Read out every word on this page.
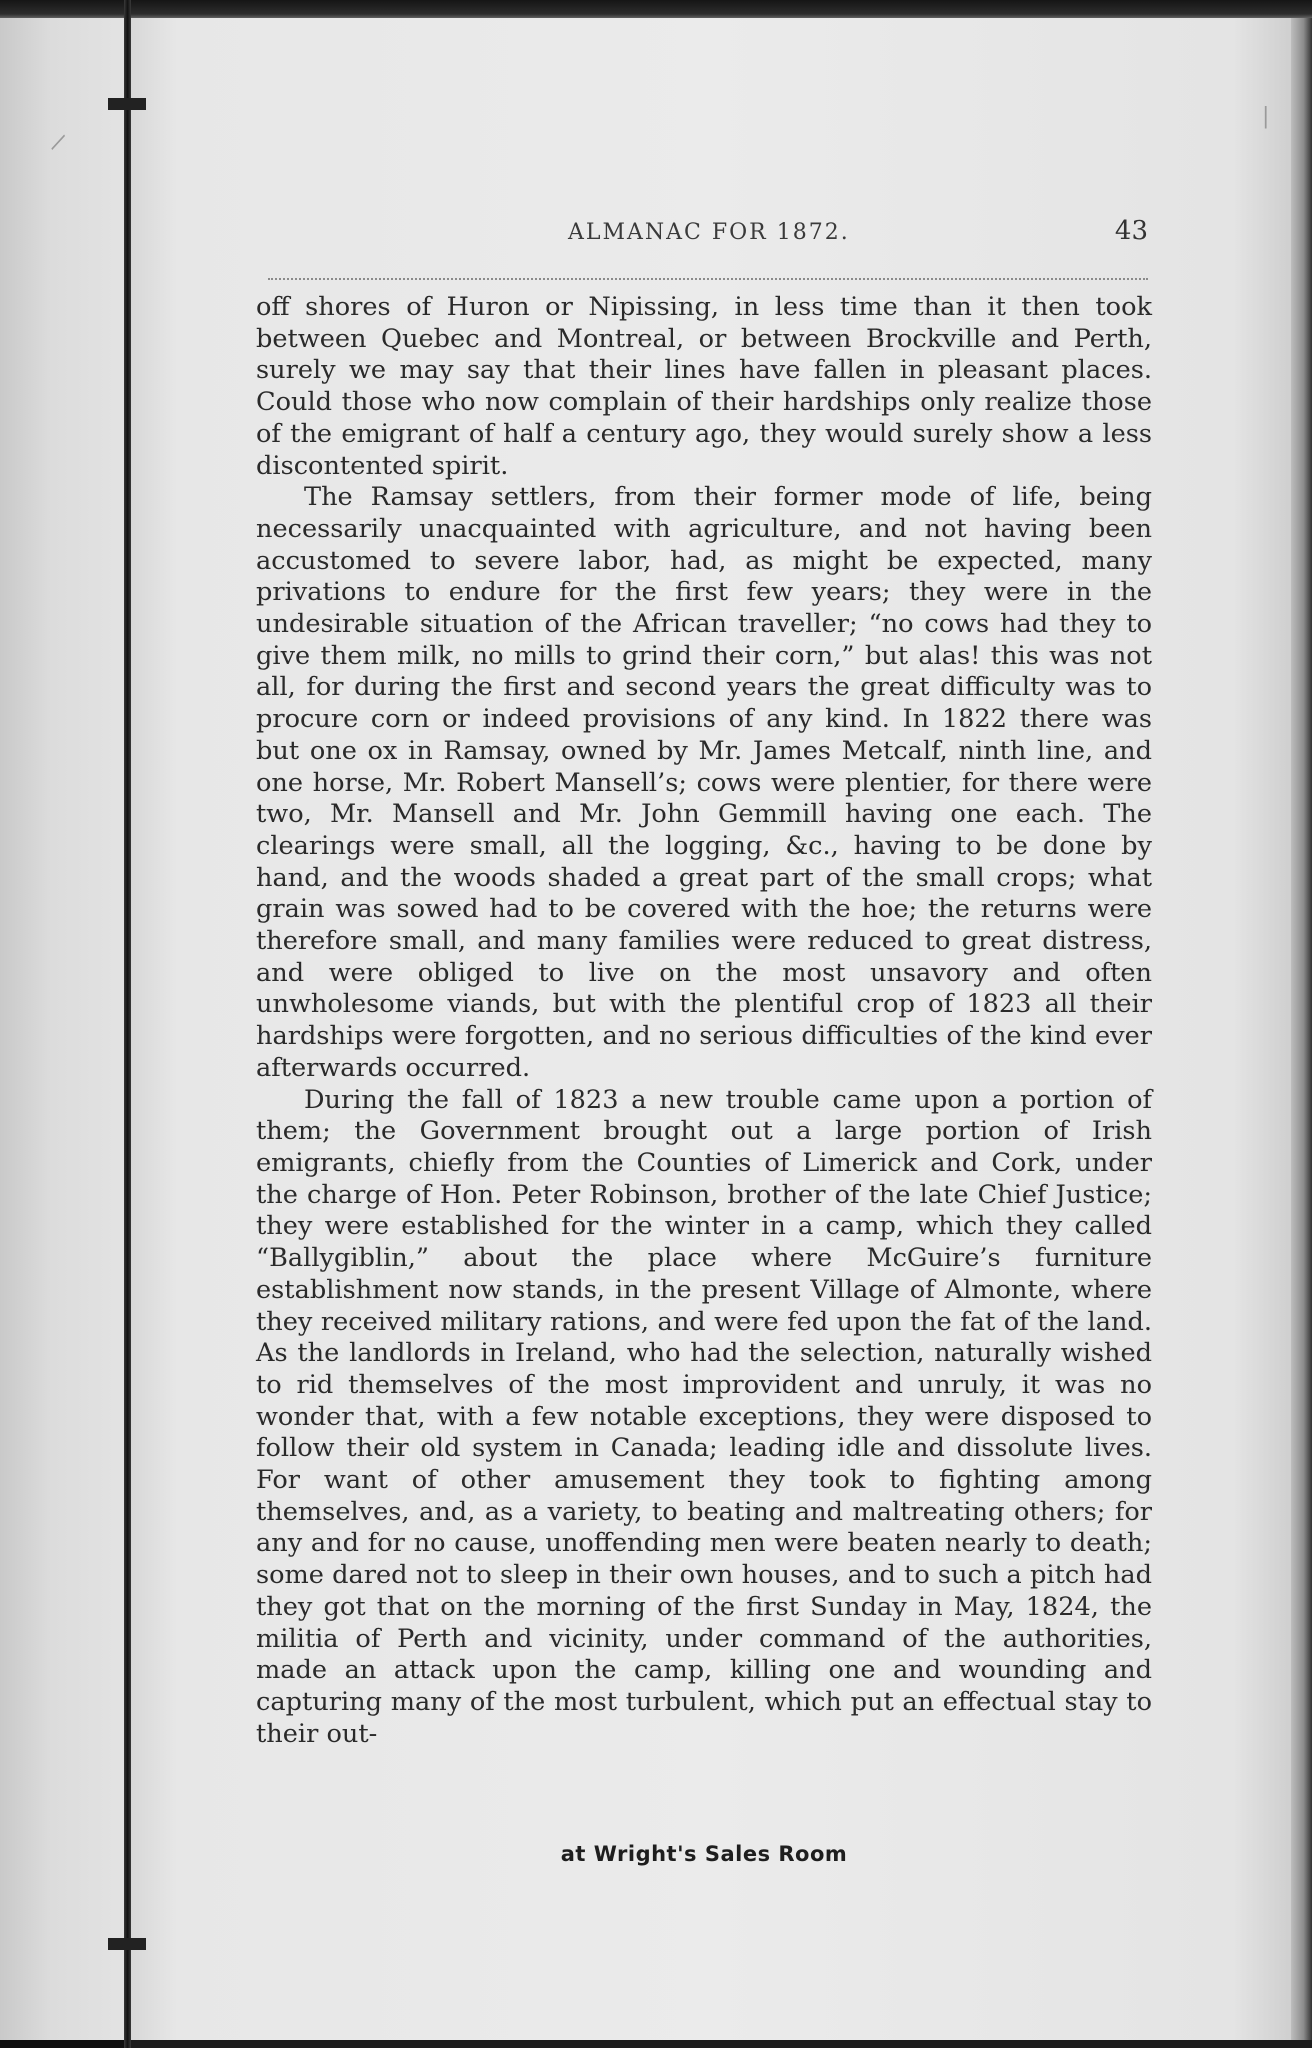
\
|
ALMANAC FOR 1872.	43

off shores of Huron or Nipissing, in less time than it then took between Quebec and Montreal, or between Brockville and Perth, surely we may say that their lines have fallen in pleasant places. Could those who now complain of their hardships only realize those of the emigrant of half a century ago, they would surely show a less discontented spirit.

The Ramsay settlers, from their former mode of life, being necessarily unacquainted with agriculture, and not having been accustomed to severe labor, had, as might be expected, many privations to endure for the first few years; they were in the undesirable situation of the African traveller; “no cows had they to give them milk, no mills to grind their corn,” but alas! this was not all, for during the first and second years the great difficulty was to procure corn or indeed provisions of any kind. In 1822 there was but one ox in Ramsay, owned by Mr. James Metcalf, ninth line, and one horse, Mr. Robert Mansell’s; cows were plentier, for there were two, Mr. Mansell and Mr. John Gemmill having one each. The clearings were small, all the logging, &c., having to be done by hand, and the woods shaded a great part of the small crops; what grain was sowed had to be covered with the hoe; the returns were therefore small, and many families were reduced to great distress, and were obliged to live on the most unsavory and often unwholesome viands, but with the plentiful crop of 1823 all their hardships were forgotten, and no serious difficulties of the kind ever afterwards occurred.

During the fall of 1823 a new trouble came upon a portion of them; the Government brought out a large portion of Irish emigrants, chiefly from the Counties of Limerick and Cork, under the charge of Hon. Peter Robinson, brother of the late Chief Justice; they were established for the winter in a camp, which they called “Ballygiblin,” about the place where McGuire’s furniture establishment now stands, in the present Village of Almonte, where they received military rations, and were fed upon the fat of the land. As the landlords in Ireland, who had the selection, naturally wished to rid themselves of the most improvident and unruly, it was no wonder that, with a few notable exceptions, they were disposed to follow their old system in Canada; leading idle and dissolute lives. For want of other amusement they took to fighting among themselves, and, as a variety, to beating and maltreating others; for any and for no cause, unoffending men were beaten nearly to death; some dared not to sleep in their own houses, and to such a pitch had they got that on the morning of the first Sunday in May, 1824, the militia of Perth and vicinity, under command of the authorities, made an attack upon the camp, killing one and wounding and capturing many of the most turbulent, which put an effectual stay to their out-

at Wright's Sales Room
